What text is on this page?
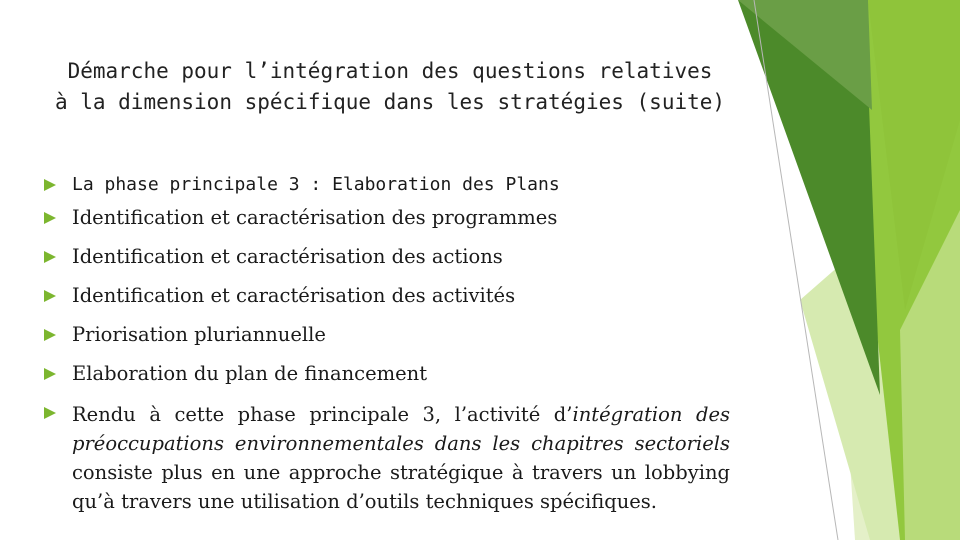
Démarche pour l’intégration des questions relatives
à la dimension spécifique dans les stratégies (suite)
La phase principale 3 : Elaboration des Plans
Identification et caractérisation des programmes
Identification et caractérisation des actions
Identification et caractérisation des activités
Priorisation pluriannuelle
Elaboration du plan de financement
Rendu à cette phase principale 3, l’activité d’intégration des préoccupations environnementales dans les chapitres sectoriels consiste plus en une approche stratégique à travers un lobbying qu’à travers une utilisation d’outils techniques spécifiques.
